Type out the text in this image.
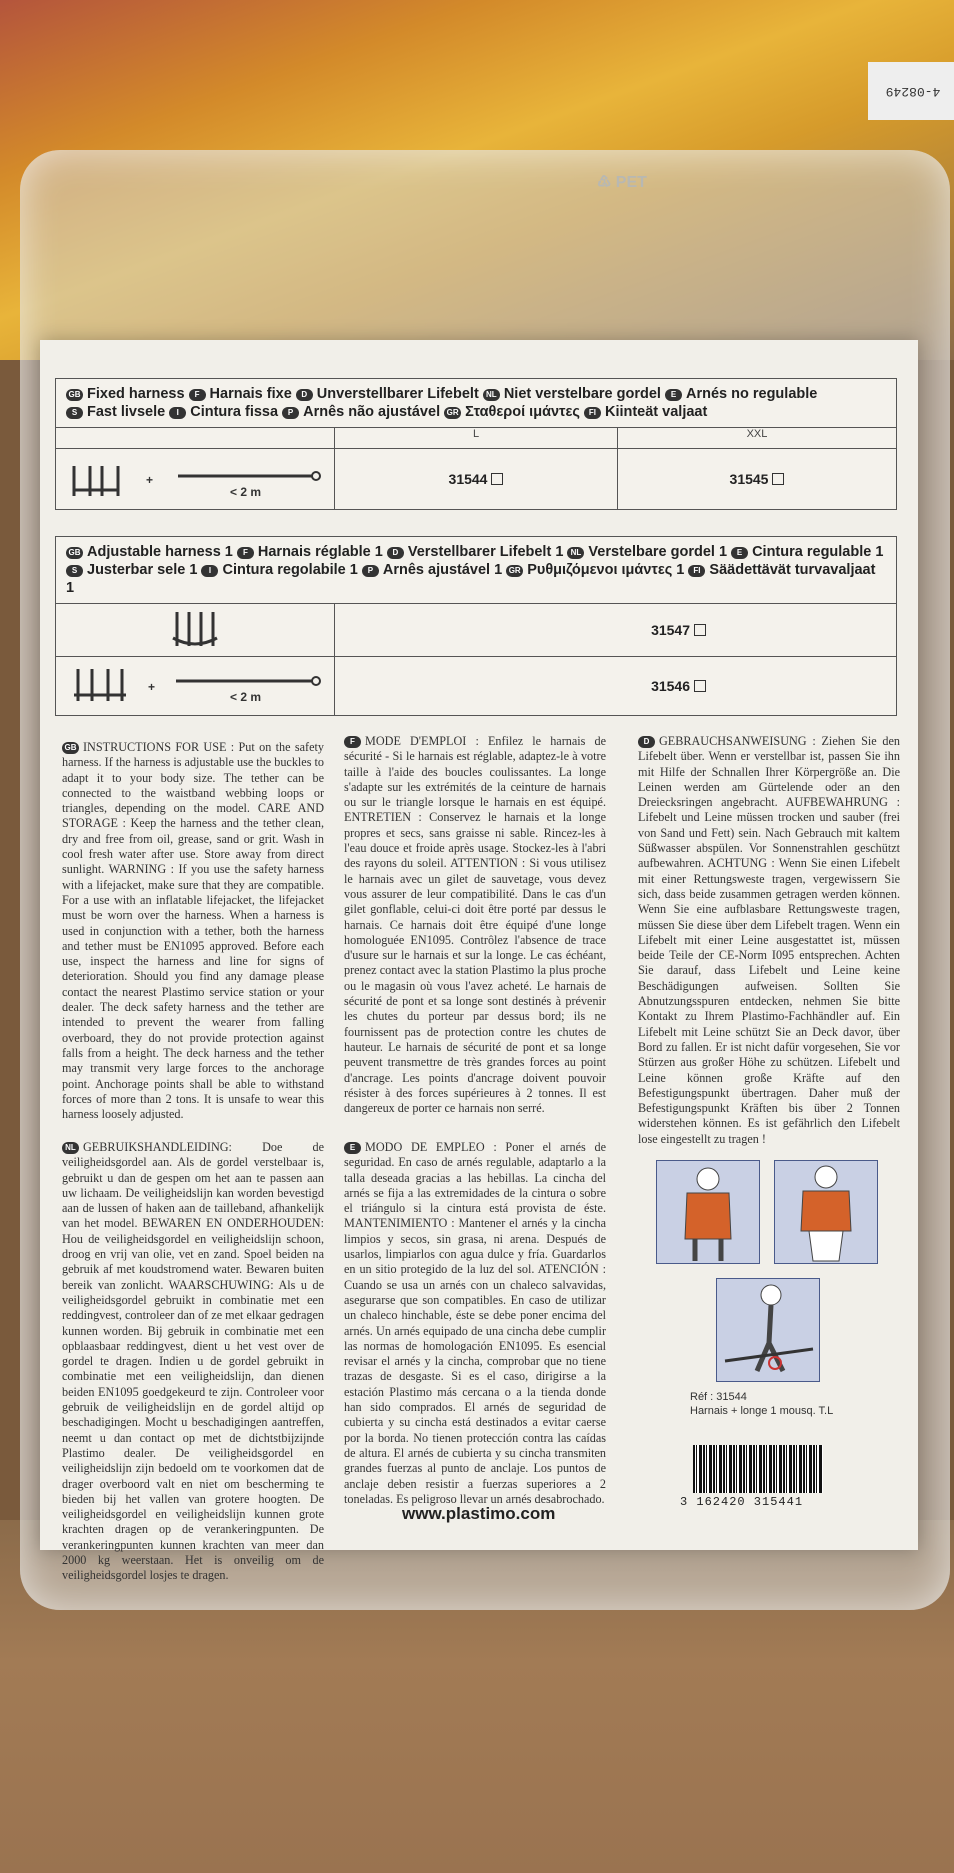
4-08249
♳ PET
GB Fixed harness F Harnais fixe D Unverstellbarer Lifebelt NL Niet verstelbare gordel E Arnés no regulable
S Fast livsele I Cintura fissa P Arnês não ajustável GR Σταθεροί ιμάντες FI Kiinteät valjaat
L	XXL
+
< 2 m
31544	31545
GB Adjustable harness 1 F Harnais réglable 1 D Verstellbarer Lifebelt 1 NL Verstelbare gordel 1 E Cintura regulable 1
S Justerbar sele 1 I Cintura regolabile 1 P Arnês ajustável 1 GR Ρυθμιζόμενοι ιμάντες 1 FI Säädettävät turvavaljaat 1
31547
+
< 2 m
31546

GB INSTRUCTIONS FOR USE : Put on the safety harness. If the harness is adjustable use the buckles to adapt it to your body size. The tether can be connected to the waistband webbing loops or triangles, depending on the model. CARE AND STORAGE : Keep the harness and the tether clean, dry and free from oil, grease, sand or grit. Wash in cool fresh water after use. Store away from direct sunlight. WARNING : If you use the safety harness with a lifejacket, make sure that they are compatible. For a use with an inflatable lifejacket, the lifejacket must be worn over the harness. When a harness is used in conjunction with a tether, both the harness and tether must be EN1095 approved. Before each use, inspect the harness and line for signs of deterioration. Should you find any damage please contact the nearest Plastimo service station or your dealer. The deck safety harness and the tether are intended to prevent the wearer from falling overboard, they do not provide protection against falls from a height. The deck harness and the tether may transmit very large forces to the anchorage point. Anchorage points shall be able to withstand forces of more than 2 tons. It is unsafe to wear this harness loosely adjusted.

F MODE D'EMPLOI : Enfilez le harnais de sécurité - Si le harnais est réglable, adaptez-le à votre taille à l'aide des boucles coulissantes. La longe s'adapte sur les extrémités de la ceinture de harnais ou sur le triangle lorsque le harnais en est équipé. ENTRETIEN : Conservez le harnais et la longe propres et secs, sans graisse ni sable. Rincez-les à l'eau douce et froide après usage. Stockez-les à l'abri des rayons du soleil. ATTENTION : Si vous utilisez le harnais avec un gilet de sauvetage, vous devez vous assurer de leur compatibilité. Dans le cas d'un gilet gonflable, celui-ci doit être porté par dessus le harnais. Ce harnais doit être équipé d'une longe homologuée EN1095. Contrôlez l'absence de trace d'usure sur le harnais et sur la longe. Le cas échéant, prenez contact avec la station Plastimo la plus proche ou le magasin où vous l'avez acheté. Le harnais de sécurité de pont et sa longe sont destinés à prévenir les chutes du porteur par dessus bord; ils ne fournissent pas de protection contre les chutes de hauteur. Le harnais de sécurité de pont et sa longe peuvent transmettre de très grandes forces au point d'ancrage. Les points d'ancrage doivent pouvoir résister à des forces supérieures à 2 tonnes. Il est dangereux de porter ce harnais non serré.

D GEBRAUCHSANWEISUNG : Ziehen Sie den Lifebelt über. Wenn er verstellbar ist, passen Sie ihn mit Hilfe der Schnallen Ihrer Körpergröße an. Die Leinen werden am Gürtelende oder an den Dreiecksringen angebracht. AUFBEWAHRUNG : Lifebelt und Leine müssen trocken und sauber (frei von Sand und Fett) sein. Nach Gebrauch mit kaltem Süßwasser abspülen. Vor Sonnenstrahlen geschützt aufbewahren. ACHTUNG : Wenn Sie einen Lifebelt mit einer Rettungsweste tragen, vergewissern Sie sich, dass beide zusammen getragen werden können. Wenn Sie eine aufblasbare Rettungsweste tragen, müssen Sie diese über dem Lifebelt tragen. Wenn ein Lifebelt mit einer Leine ausgestattet ist, müssen beide Teile der CE-Norm I095 entsprechen. Achten Sie darauf, dass Lifebelt und Leine keine Beschädigungen aufweisen. Sollten Sie Abnutzungsspuren entdecken, nehmen Sie bitte Kontakt zu Ihrem Plastimo-Fachhändler auf. Ein Lifebelt mit Leine schützt Sie an Deck davor, über Bord zu fallen. Er ist nicht dafür vorgesehen, Sie vor Stürzen aus großer Höhe zu schützen. Lifebelt und Leine können große Kräfte auf den Befestigungspunkt übertragen. Daher muß der Befestigungspunkt Kräften bis über 2 Tonnen widerstehen können. Es ist gefährlich den Lifebelt lose eingestellt zu tragen !

NL GEBRUIKSHANDLEIDING: Doe de veiligheidsgordel aan. Als de gordel verstelbaar is, gebruikt u dan de gespen om het aan te passen aan uw lichaam. De veiligheidslijn kan worden bevestigd aan de lussen of haken aan de tailleband, afhankelijk van het model. BEWAREN EN ONDERHOUDEN: Hou de veiligheidsgordel en veiligheidslijn schoon, droog en vrij van olie, vet en zand. Spoel beiden na gebruik af met koudstromend water. Bewaren buiten bereik van zonlicht. WAARSCHUWING: Als u de veiligheidsgordel gebruikt in combinatie met een reddingvest, controleer dan of ze met elkaar gedragen kunnen worden. Bij gebruik in combinatie met een opblaasbaar reddingvest, dient u het vest over de gordel te dragen. Indien u de gordel gebruikt in combinatie met een veiligheidslijn, dan dienen beiden EN1095 goedgekeurd te zijn. Controleer voor gebruik de veiligheidslijn en de gordel altijd op beschadigingen. Mocht u beschadigingen aantreffen, neemt u dan contact op met de dichtstbijzijnde Plastimo dealer. De veiligheidsgordel en veiligheidslijn zijn bedoeld om te voorkomen dat de drager overboord valt en niet om bescherming te bieden bij het vallen van grotere hoogten. De veiligheidsgordel en veiligheidslijn kunnen grote krachten dragen op de verankeringpunten. De verankeringpunten kunnen krachten van meer dan 2000 kg weerstaan. Het is onveilig om de veiligheidsgordel losjes te dragen.

E MODO DE EMPLEO : Poner el arnés de seguridad. En caso de arnés regulable, adaptarlo a la talla deseada gracias a las hebillas. La cincha del arnés se fija a las extremidades de la cintura o sobre el triángulo si la cintura está provista de éste. MANTENIMIENTO : Mantener el arnés y la cincha limpios y secos, sin grasa, ni arena. Después de usarlos, limpiarlos con agua dulce y fría. Guardarlos en un sitio protegido de la luz del sol. ATENCIÓN : Cuando se usa un arnés con un chaleco salvavidas, asegurarse que son compatibles. En caso de utilizar un chaleco hinchable, éste se debe poner encima del arnés. Un arnés equipado de una cincha debe cumplir las normas de homologación EN1095. Es esencial revisar el arnés y la cincha, comprobar que no tiene trazas de desgaste. Si es el caso, dirigirse a la estación Plastimo más cercana o a la tienda donde han sido comprados. El arnés de seguridad de cubierta y su cincha está destinados a evitar caerse por la borda. No tienen protección contra las caídas de altura. El arnés de cubierta y su cincha transmiten grandes fuerzas al punto de anclaje. Los puntos de anclaje deben resistir a fuerzas superiores a 2 toneladas. Es peligroso llevar un arnés desabrochado.

Réf : 31544
Harnais + longe 1 mousq. T.L
3 162420 315441
www.plastimo.com
